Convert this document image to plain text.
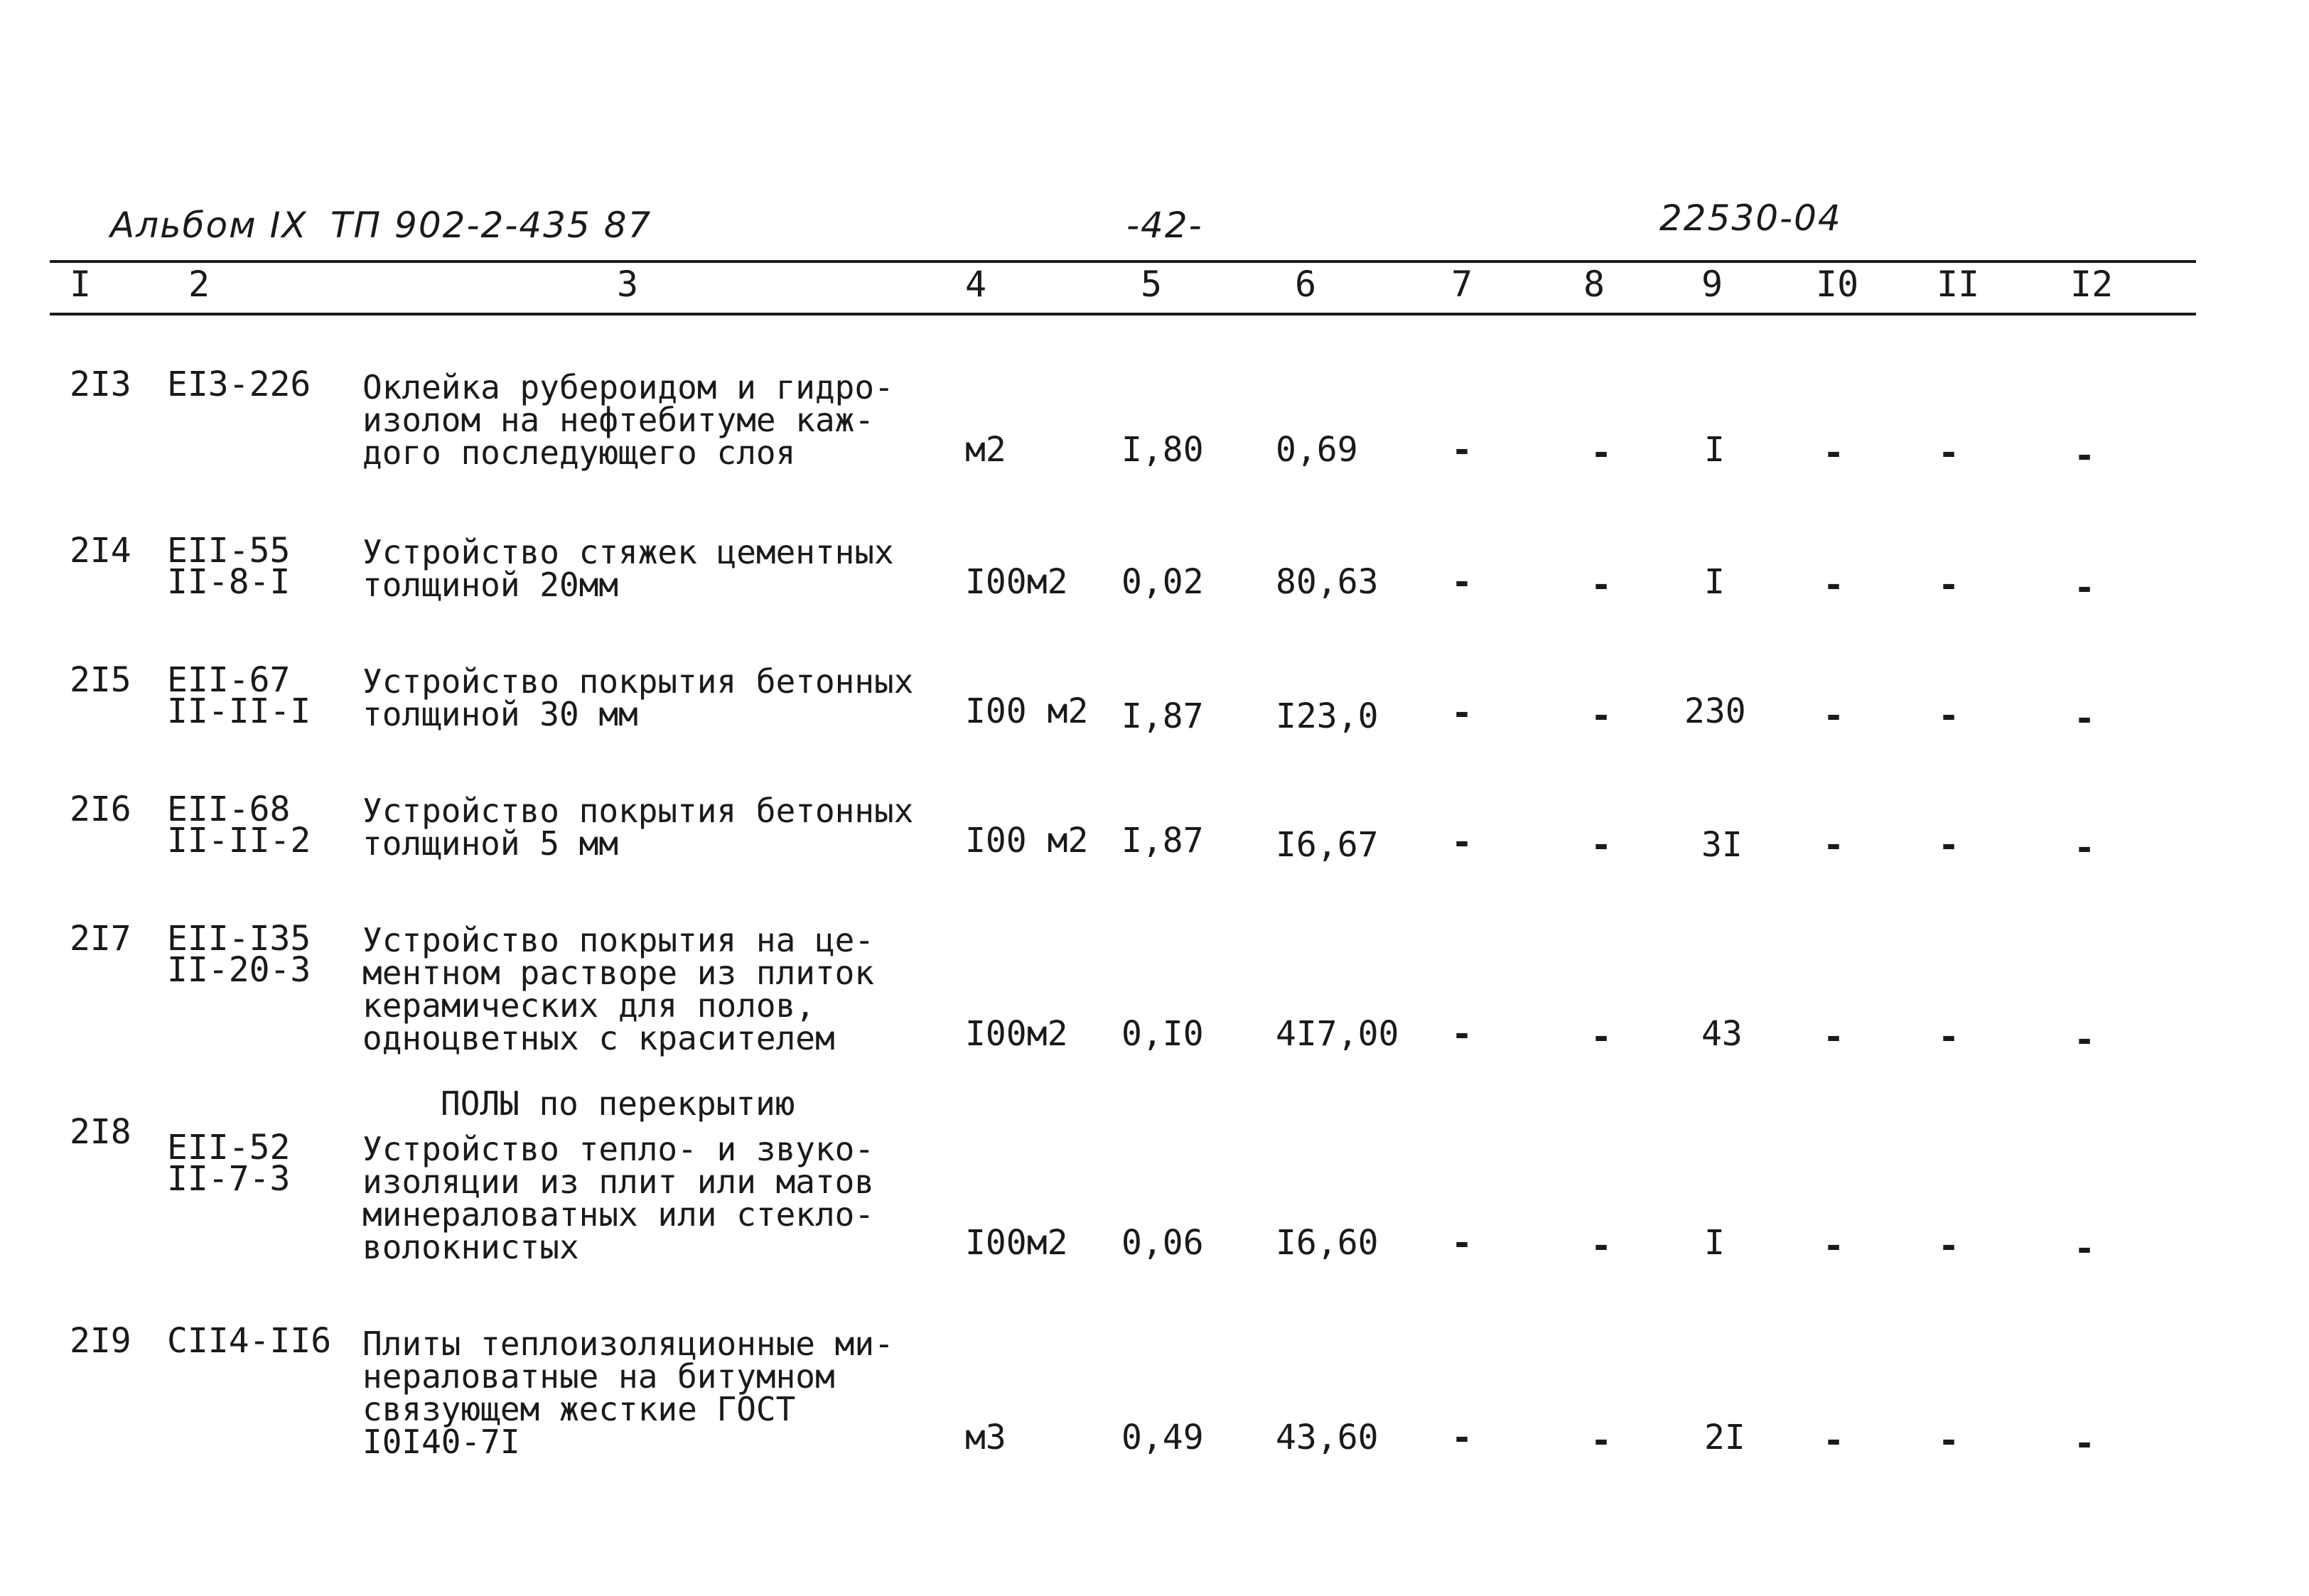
Альбом IX ТП 902-2-435 87	-42-	22530-04
I	2	3	4	5	6	7	8	9	I0 II	I2
2I3 EI3-226 Оклейка рубероидом и гидро-
изолом на нефтебитуме каж-
дого последующего слоя	м2	I,80 0,69	-	-	I	-	-	-
2I4 EII-55
II-8-I
Устройство стяжек цементных
толщиной 20мм	I00м2 0,02 80,63 -	-	I	-	-	-
2I5 EII-67
II-II-I
Устройство покрытия бетонных
толщиной 30 мм	I00 м2 I,87 I23,0 -	- 230 -	-	-
2I6 EII-68
II-II-2
Устройство покрытия бетонных
толщиной 5 мм	I00 м2 I,87 I6,67 -	-	3I -	-	-
2I7 EII-I35
II-20-3
Устройство покрытия на це-
ментном растворе из плиток
керамических для полов,
одноцветных с красителем	I00м2 0,I0 4I7,00 -	-	43 -	-	-
ПОЛЫ по перекрытию
2I8 EII-52
II-7-3
Устройство тепло- и звуко-
изоляции из плит или матов
минераловатных или стекло-
волокнистых	I00м2 0,06 I6,60 -	-	I	-	-	-
2I9 CII4-II6 Плиты теплоизоляционные ми-
нераловатные на битумном
связующем жесткие ГОСТ
I0I40-7I	м3	0,49 43,60 -	-	2I -	-	-
